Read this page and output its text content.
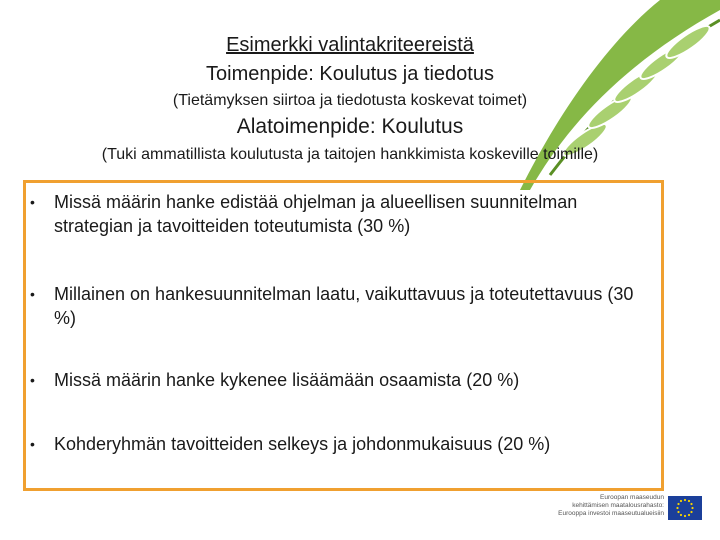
Esimerkki valintakriteereistä
Toimenpide: Koulutus ja tiedotus
(Tietämyksen siirtoa ja tiedotusta koskevat toimet)
Alatoimenpide: Koulutus
(Tuki ammatillista koulutusta ja taitojen hankkimista koskeville toimille)
• Missä määrin hanke edistää ohjelman ja alueellisen suunnitelman strategian ja tavoitteiden toteutumista (30 %)
• Millainen on hankesuunnitelman laatu, vaikuttavuus ja toteutettavuus (30 %)
• Missä määrin hanke kykenee lisäämään osaamista (20 %)
• Kohderyhmän tavoitteiden selkeys ja johdonmukaisuus (20 %)
Euroopan maaseudun
kehittämisen maatalousrahasto:
Eurooppa investoi maaseutualueisiin
